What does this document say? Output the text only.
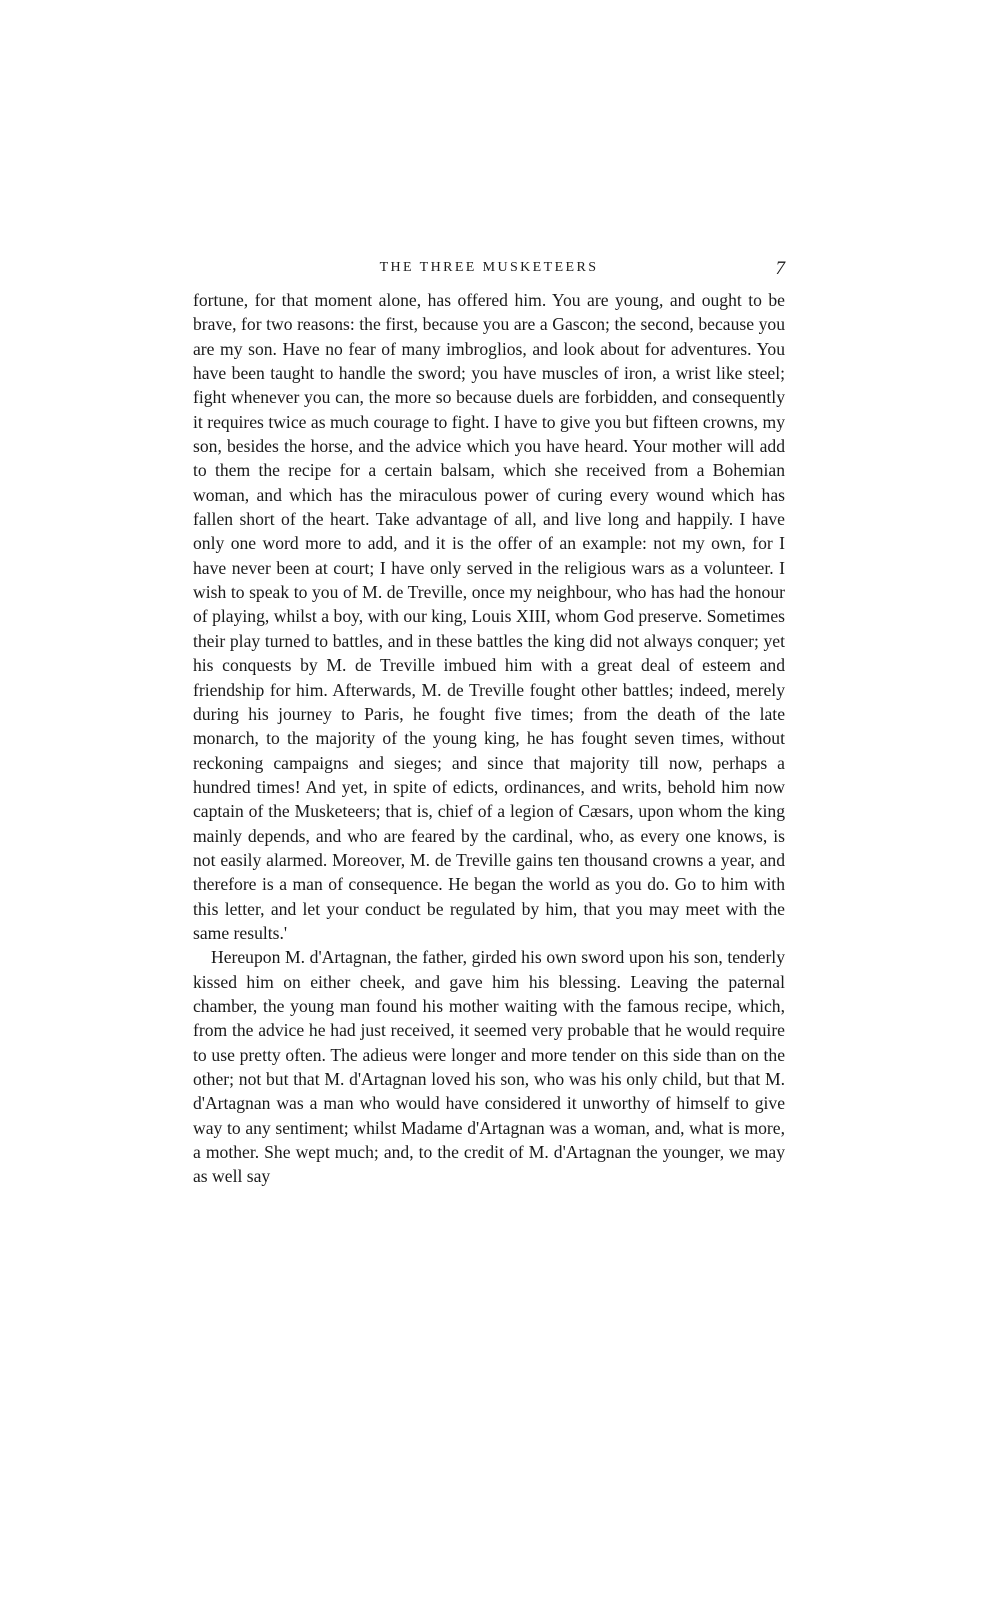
THE THREE MUSKETEERS	7

fortune, for that moment alone, has offered him. You are young, and ought to be brave, for two reasons: the first, because you are a Gascon; the second, because you are my son. Have no fear of many imbroglios, and look about for adventures. You have been taught to handle the sword; you have muscles of iron, a wrist like steel; fight whenever you can, the more so because duels are forbidden, and consequently it requires twice as much courage to fight. I have to give you but fifteen crowns, my son, besides the horse, and the advice which you have heard. Your mother will add to them the recipe for a certain balsam, which she received from a Bohemian woman, and which has the miraculous power of curing every wound which has fallen short of the heart. Take advantage of all, and live long and happily. I have only one word more to add, and it is the offer of an example: not my own, for I have never been at court; I have only served in the religious wars as a volunteer. I wish to speak to you of M. de Treville, once my neighbour, who has had the honour of playing, whilst a boy, with our king, Louis XIII, whom God preserve. Sometimes their play turned to battles, and in these battles the king did not always conquer; yet his conquests by M. de Treville imbued him with a great deal of esteem and friendship for him. Afterwards, M. de Treville fought other battles; indeed, merely during his journey to Paris, he fought five times; from the death of the late monarch, to the majority of the young king, he has fought seven times, without reckoning campaigns and sieges; and since that majority till now, perhaps a hundred times! And yet, in spite of edicts, ordinances, and writs, behold him now captain of the Musketeers; that is, chief of a legion of Cæsars, upon whom the king mainly depends, and who are feared by the cardinal, who, as every one knows, is not easily alarmed. Moreover, M. de Treville gains ten thousand crowns a year, and therefore is a man of consequence. He began the world as you do. Go to him with this letter, and let your conduct be regulated by him, that you may meet with the same results.'

Hereupon M. d'Artagnan, the father, girded his own sword upon his son, tenderly kissed him on either cheek, and gave him his blessing. Leaving the paternal chamber, the young man found his mother waiting with the famous recipe, which, from the advice he had just received, it seemed very probable that he would require to use pretty often. The adieus were longer and more tender on this side than on the other; not but that M. d'Artagnan loved his son, who was his only child, but that M. d'Artagnan was a man who would have considered it unworthy of himself to give way to any sentiment; whilst Madame d'Artagnan was a woman, and, what is more, a mother. She wept much; and, to the credit of M. d'Artagnan the younger, we may as well say
